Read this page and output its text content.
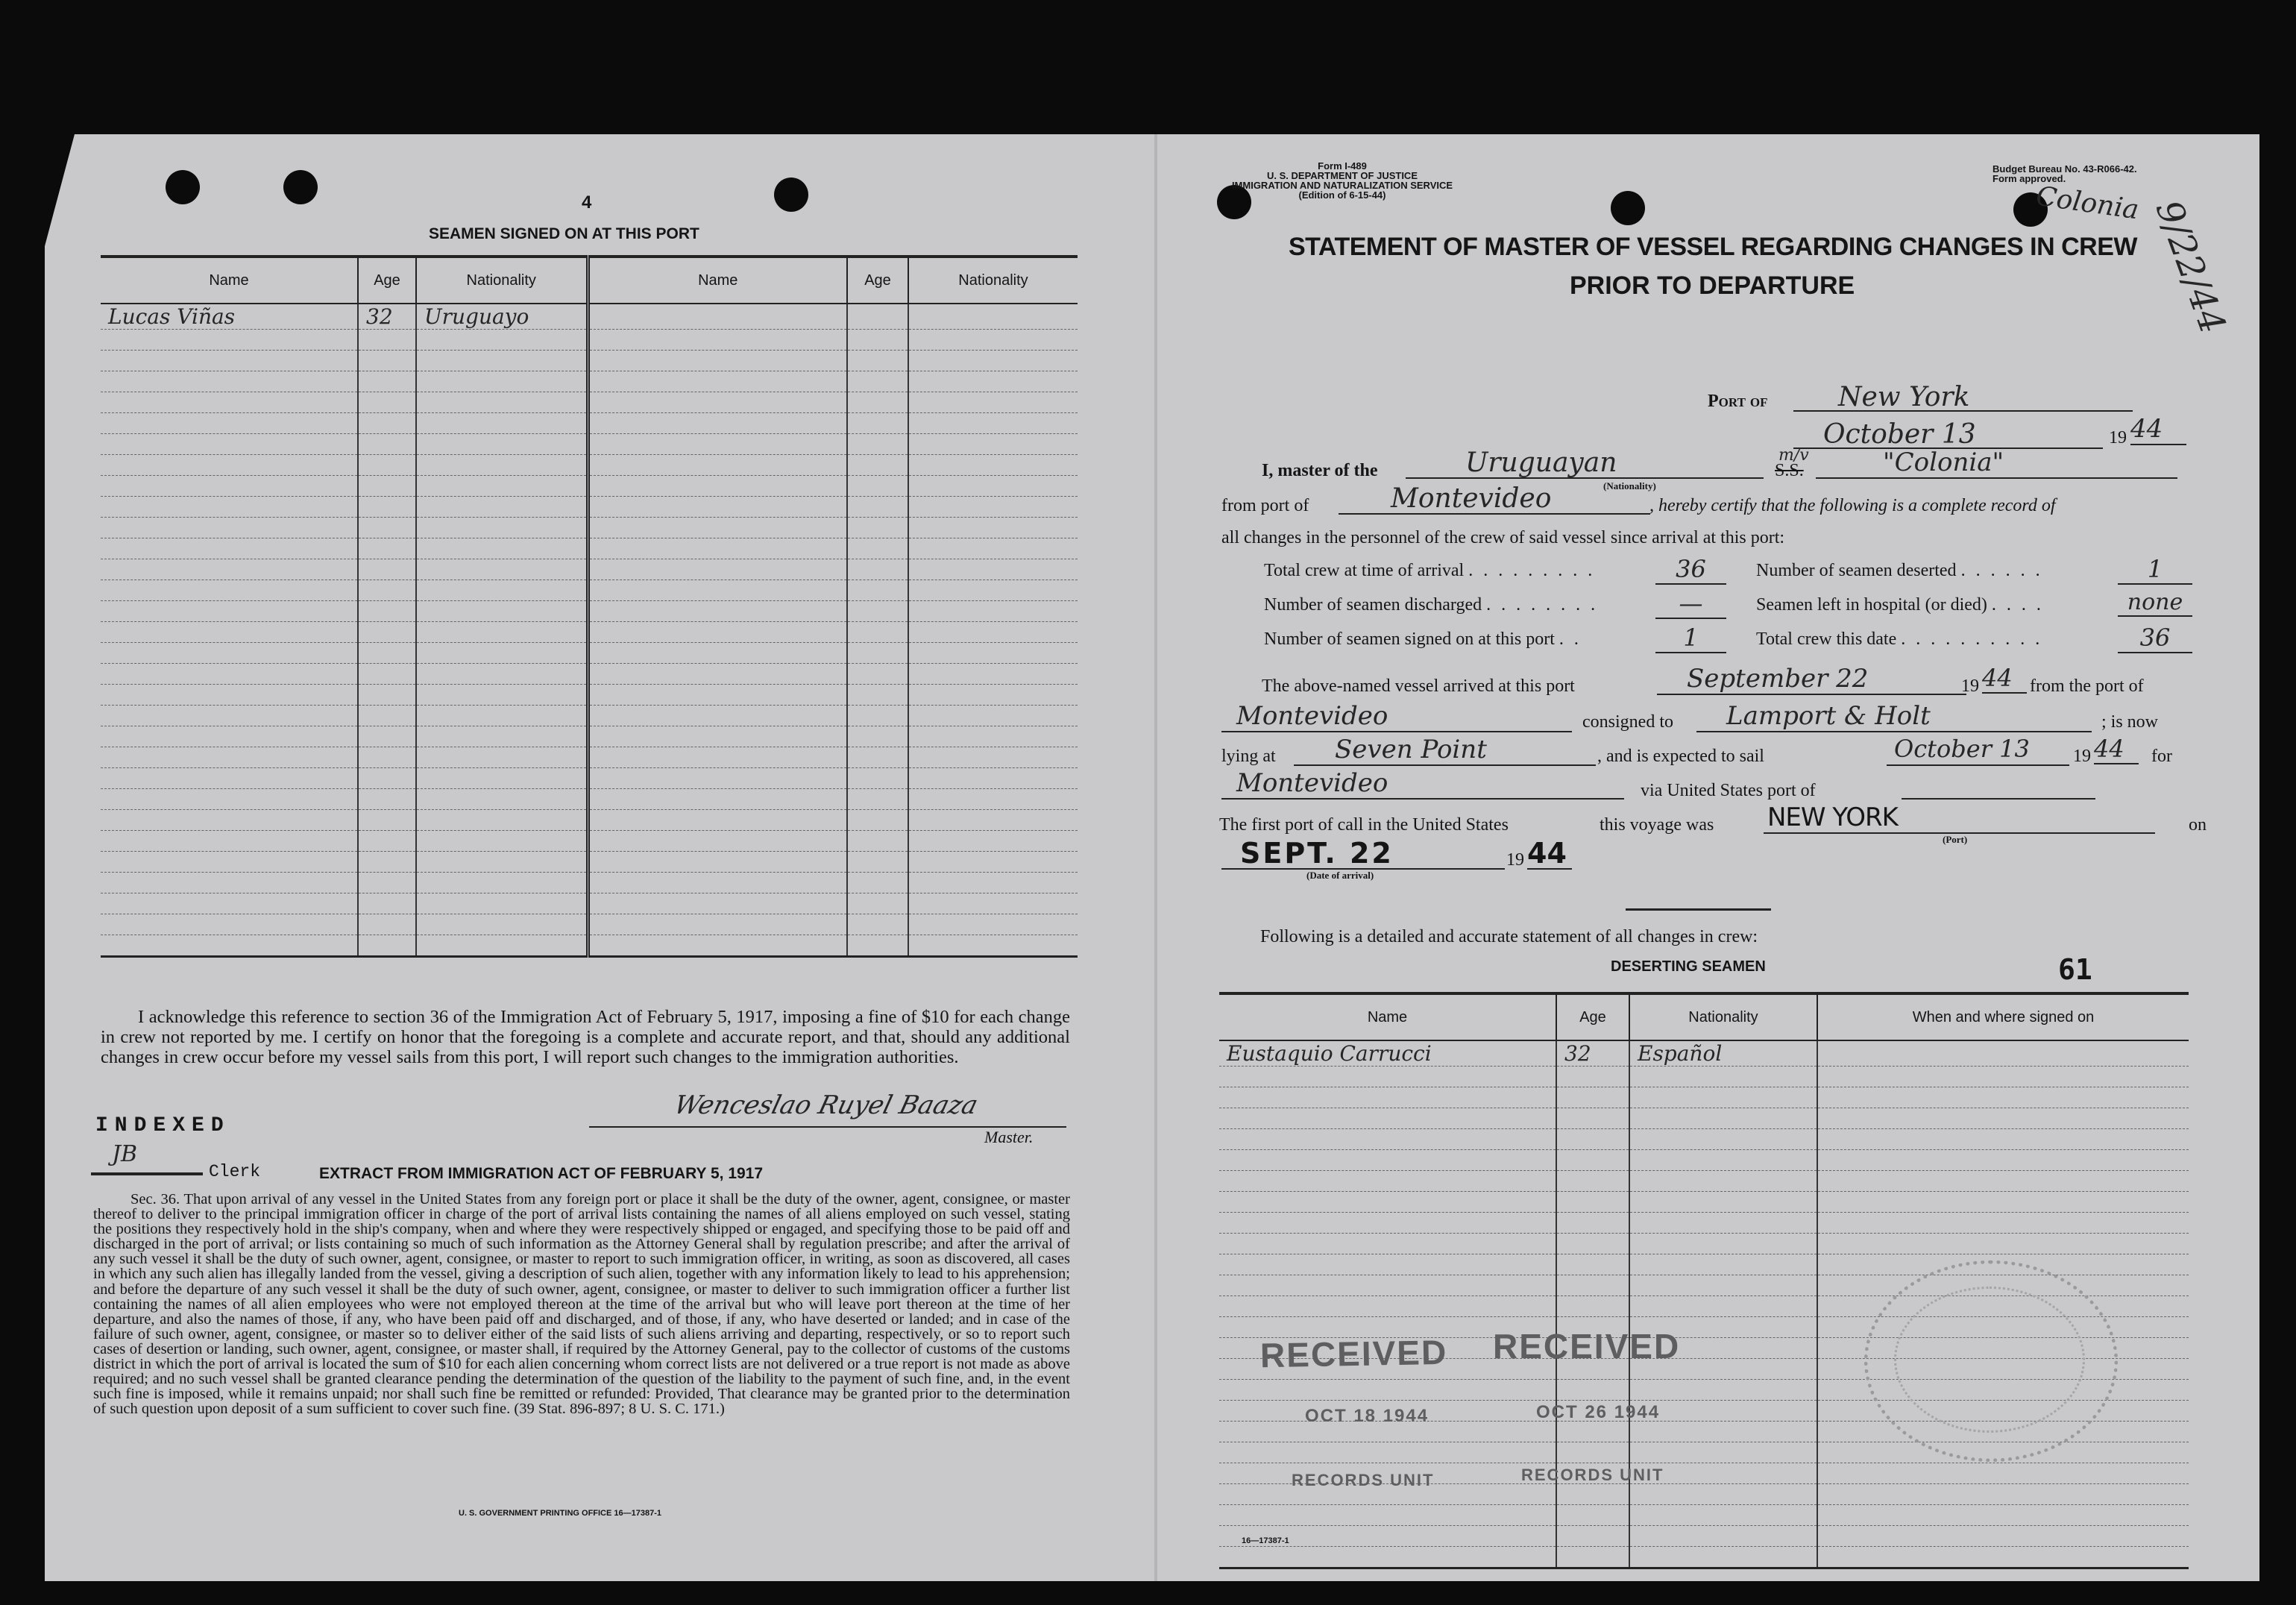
4
SEAMEN SIGNED ON AT THIS PORT
Name	Age	Nationality	Name	Age	Nationality
Lucas Viñas	32	Uruguayo			

I acknowledge this reference to section 36 of the Immigration Act of February 5, 1917, imposing a fine of $10 for each change in crew not reported by me. I certify on honor that the foregoing is a complete and accurate report, and that, should any additional changes in crew occur before my vessel sails from this port, I will report such changes to the immigration authorities.
Wenceslao Ruyel Baaza
Master.
INDEXED
JB
Clerk	EXTRACT FROM IMMIGRATION ACT OF FEBRUARY 5, 1917
Sec. 36. That upon arrival of any vessel in the United States from any foreign port or place it shall be the duty of the owner, agent, consignee, or master thereof to deliver to the principal immigration officer in charge of the port of arrival lists containing the names of all aliens employed on such vessel, stating the positions they respectively hold in the ship's company, when and where they were respectively shipped or engaged, and specifying those to be paid off and discharged in the port of arrival; or lists containing so much of such information as the Attorney General shall by regulation prescribe; and after the arrival of any such vessel it shall be the duty of such owner, agent, consignee, or master to report to such immigration officer, in writing, as soon as discovered, all cases in which any such alien has illegally landed from the vessel, giving a description of such alien, together with any information likely to lead to his apprehension; and before the departure of any such vessel it shall be the duty of such owner, agent, consignee, or master to deliver to such immigration officer a further list containing the names of all alien employees who were not employed thereon at the time of the arrival but who will leave port thereon at the time of her departure, and also the names of those, if any, who have been paid off and discharged, and of those, if any, who have deserted or landed; and in case of the failure of such owner, agent, consignee, or master so to deliver either of the said lists of such aliens arriving and departing, respectively, or so to report such cases of desertion or landing, such owner, agent, consignee, or master shall, if required by the Attorney General, pay to the collector of customs of the customs district in which the port of arrival is located the sum of $10 for each alien concerning whom correct lists are not delivered or a true report is not made as above required; and no such vessel shall be granted clearance pending the determination of the question of the liability to the payment of such fine, and, in the event such fine is imposed, while it remains unpaid; nor shall such fine be remitted or refunded: Provided, That clearance may be granted prior to the determination of such question upon deposit of a sum sufficient to cover such fine. (39 Stat. 896-897; 8 U. S. C. 171.)
U. S. GOVERNMENT PRINTING OFFICE 16—17387-1
Form I-489
U. S. DEPARTMENT OF JUSTICE
IMMIGRATION AND NATURALIZATION SERVICE
(Edition of 6-15-44)
Budget Bureau No. 43-R066-42.
Form approved.
Colonia 9/22/44
STATEMENT OF MASTER OF VESSEL REGARDING CHANGES IN CREW
PRIOR TO DEPARTURE
Port of	New York
October 13	19 44
I, master of the	Uruguayan
(Nationality)
m/v
S.S.	"Colonia"
from port of	Montevideo	, hereby certify that the following is a complete record of
all changes in the personnel of the crew of said vessel since arrival at this port:
Total crew at time of arrival . . . . . . . . .	36	Number of seamen deserted . . . . . .	1
Number of seamen discharged . . . . . . . .	—	Seamen left in hospital (or died) . . . .	none
Number of seamen signed on at this port . .	1	Total crew this date . . . . . . . . . .	36
The above-named vessel arrived at this port	September 22	19 44 from the port of
Montevideo	consigned to	Lamport & Holt	; is now
lying at	Seven Point	, and is expected to sail	October 13	19 44	for
Montevideo	via United States port of
The first port of call in the United States	this voyage was NEW YORK
(Port)
on
SEPT. 22
(Date of arrival)
19 44
Following is a detailed and accurate statement of all changes in crew:
DESERTING SEAMEN	61
Name	Age	Nationality	When and where signed on
Eustaquio Carrucci	32	Español	

RECEIVED
OCT 18 1944
RECORDS UNIT
RECEIVED
OCT 26 1944
RECORDS UNIT
16—17387-1
